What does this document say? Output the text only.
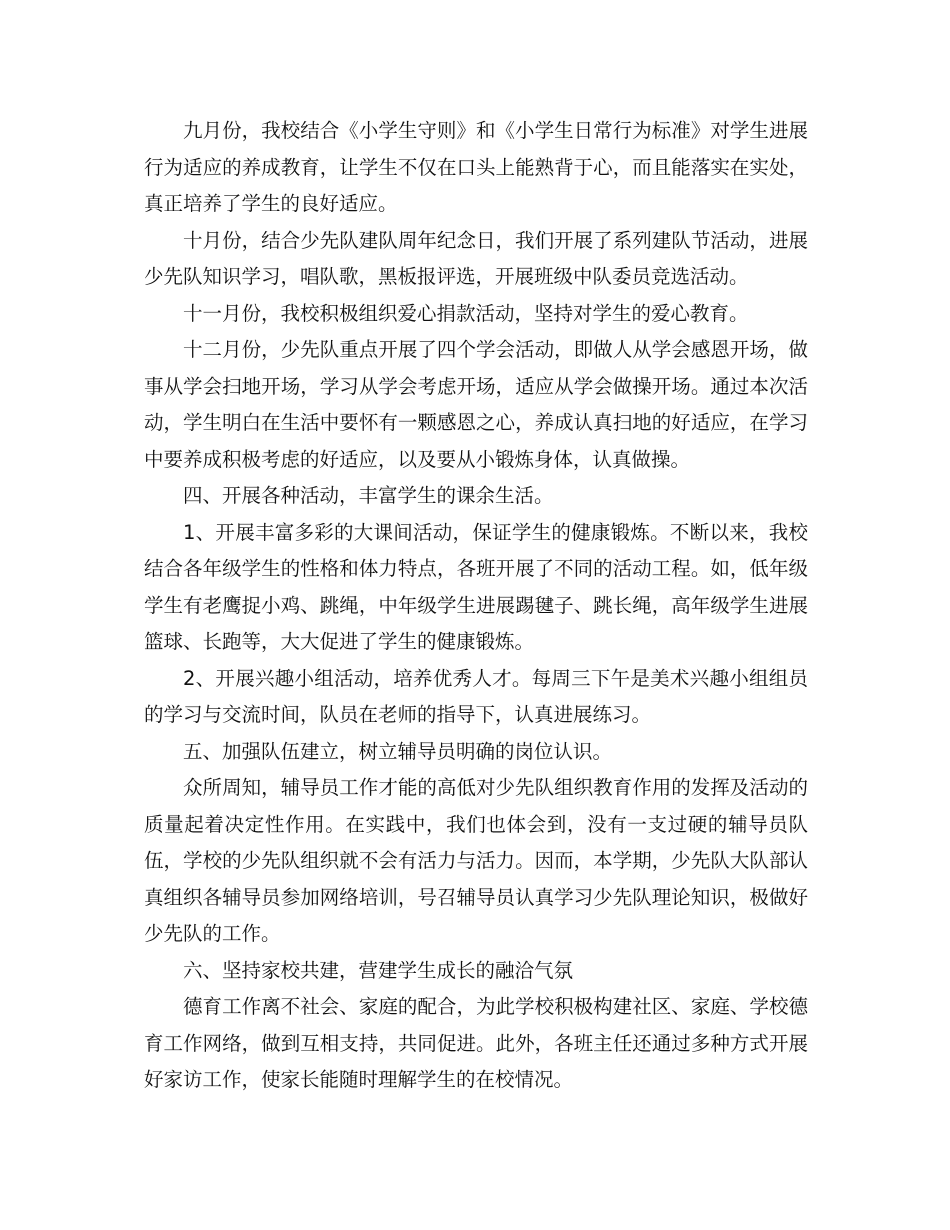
九月份，我校结合《小学生守则》和《小学生日常行为标准》对学生进展行为适应的养成教育，让学生不仅在口头上能熟背于心，而且能落实在实处，真正培养了学生的良好适应。

十月份，结合少先队建队周年纪念日，我们开展了系列建队节活动，进展少先队知识学习，唱队歌，黑板报评选，开展班级中队委员竞选活动。

十一月份，我校积极组织爱心捐款活动，坚持对学生的爱心教育。

十二月份，少先队重点开展了四个学会活动，即做人从学会感恩开场，做事从学会扫地开场，学习从学会考虑开场，适应从学会做操开场。通过本次活动，学生明白在生活中要怀有一颗感恩之心，养成认真扫地的好适应，在学习中要养成积极考虑的好适应，以及要从小锻炼身体，认真做操。

四、开展各种活动，丰富学生的课余生活。

1、开展丰富多彩的大课间活动，保证学生的健康锻炼。不断以来，我校结合各年级学生的性格和体力特点，各班开展了不同的活动工程。如，低年级学生有老鹰捉小鸡、跳绳，中年级学生进展踢毽子、跳长绳，高年级学生进展篮球、长跑等，大大促进了学生的健康锻炼。

2、开展兴趣小组活动，培养优秀人才。每周三下午是美术兴趣小组组员的学习与交流时间，队员在老师的指导下，认真进展练习。

五、加强队伍建立，树立辅导员明确的岗位认识。

众所周知，辅导员工作才能的高低对少先队组织教育作用的发挥及活动的质量起着决定性作用。在实践中，我们也体会到，没有一支过硬的辅导员队伍，学校的少先队组织就不会有活力与活力。因而，本学期，少先队大队部认真组织各辅导员参加网络培训，号召辅导员认真学习少先队理论知识，极做好少先队的工作。

六、坚持家校共建，营建学生成长的融洽气氛

德育工作离不社会、家庭的配合，为此学校积极构建社区、家庭、学校德育工作网络，做到互相支持，共同促进。此外，各班主任还通过多种方式开展好家访工作，使家长能随时理解学生的在校情况。
